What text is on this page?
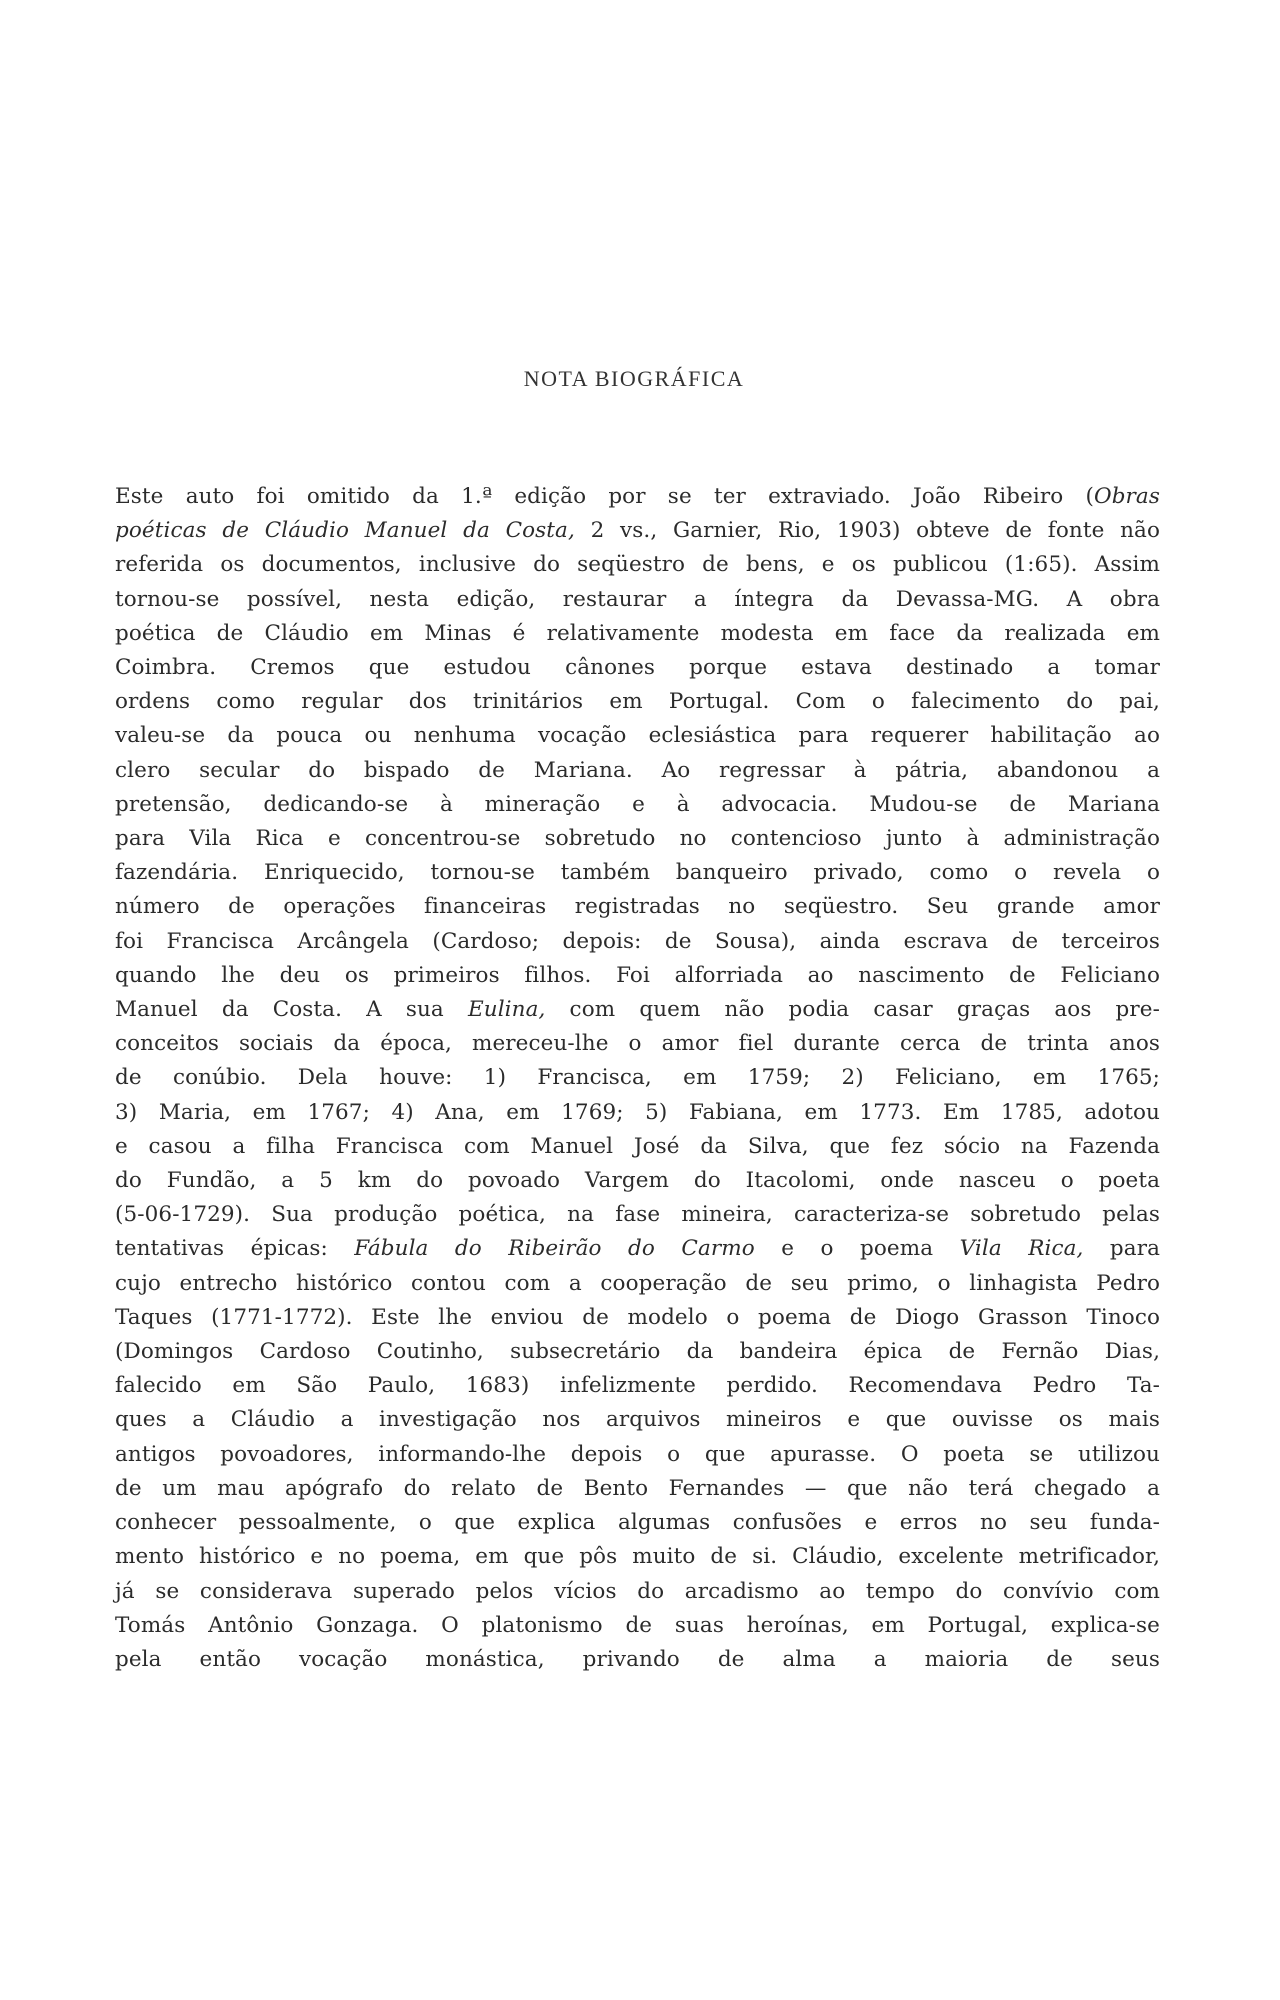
NOTA BIOGRÁFICA
Este auto foi omitido da 1.ª edição por se ter extraviado. João Ribeiro (Obras
poéticas de Cláudio Manuel da Costa, 2 vs., Garnier, Rio, 1903) obteve de fonte não
referida os documentos, inclusive do seqüestro de bens, e os publicou (1:65). Assim
tornou-se possível, nesta edição, restaurar a íntegra da Devassa-MG. A obra
poética de Cláudio em Minas é relativamente modesta em face da realizada em
Coimbra. Cremos que estudou cânones porque estava destinado a tomar
ordens como regular dos trinitários em Portugal. Com o falecimento do pai,
valeu-se da pouca ou nenhuma vocação eclesiástica para requerer habilitação ao
clero secular do bispado de Mariana. Ao regressar à pátria, abandonou a
pretensão, dedicando-se à mineração e à advocacia. Mudou-se de Mariana
para Vila Rica e concentrou-se sobretudo no contencioso junto à administração
fazendária. Enriquecido, tornou-se também banqueiro privado, como o revela o
número de operações financeiras registradas no seqüestro. Seu grande amor
foi Francisca Arcângela (Cardoso; depois: de Sousa), ainda escrava de terceiros
quando lhe deu os primeiros filhos. Foi alforriada ao nascimento de Feliciano
Manuel da Costa. A sua Eulina, com quem não podia casar graças aos pre-
conceitos sociais da época, mereceu-lhe o amor fiel durante cerca de trinta anos
de conúbio. Dela houve: 1) Francisca, em 1759; 2) Feliciano, em 1765;
3) Maria, em 1767; 4) Ana, em 1769; 5) Fabiana, em 1773. Em 1785, adotou
e casou a filha Francisca com Manuel José da Silva, que fez sócio na Fazenda
do Fundão, a 5 km do povoado Vargem do Itacolomi, onde nasceu o poeta
(5-06-1729). Sua produção poética, na fase mineira, caracteriza-se sobretudo pelas
tentativas épicas: Fábula do Ribeirão do Carmo e o poema Vila Rica, para
cujo entrecho histórico contou com a cooperação de seu primo, o linhagista Pedro
Taques (1771-1772). Este lhe enviou de modelo o poema de Diogo Grasson Tinoco
(Domingos Cardoso Coutinho, subsecretário da bandeira épica de Fernão Dias,
falecido em São Paulo, 1683) infelizmente perdido. Recomendava Pedro Ta-
ques a Cláudio a investigação nos arquivos mineiros e que ouvisse os mais
antigos povoadores, informando-lhe depois o que apurasse. O poeta se utilizou
de um mau apógrafo do relato de Bento Fernandes — que não terá chegado a
conhecer pessoalmente, o que explica algumas confusões e erros no seu funda-
mento histórico e no poema, em que pôs muito de si. Cláudio, excelente metrificador,
já se considerava superado pelos vícios do arcadismo ao tempo do convívio com
Tomás Antônio Gonzaga. O platonismo de suas heroínas, em Portugal, explica-se
pela então vocação monástica, privando de alma a maioria de seus
